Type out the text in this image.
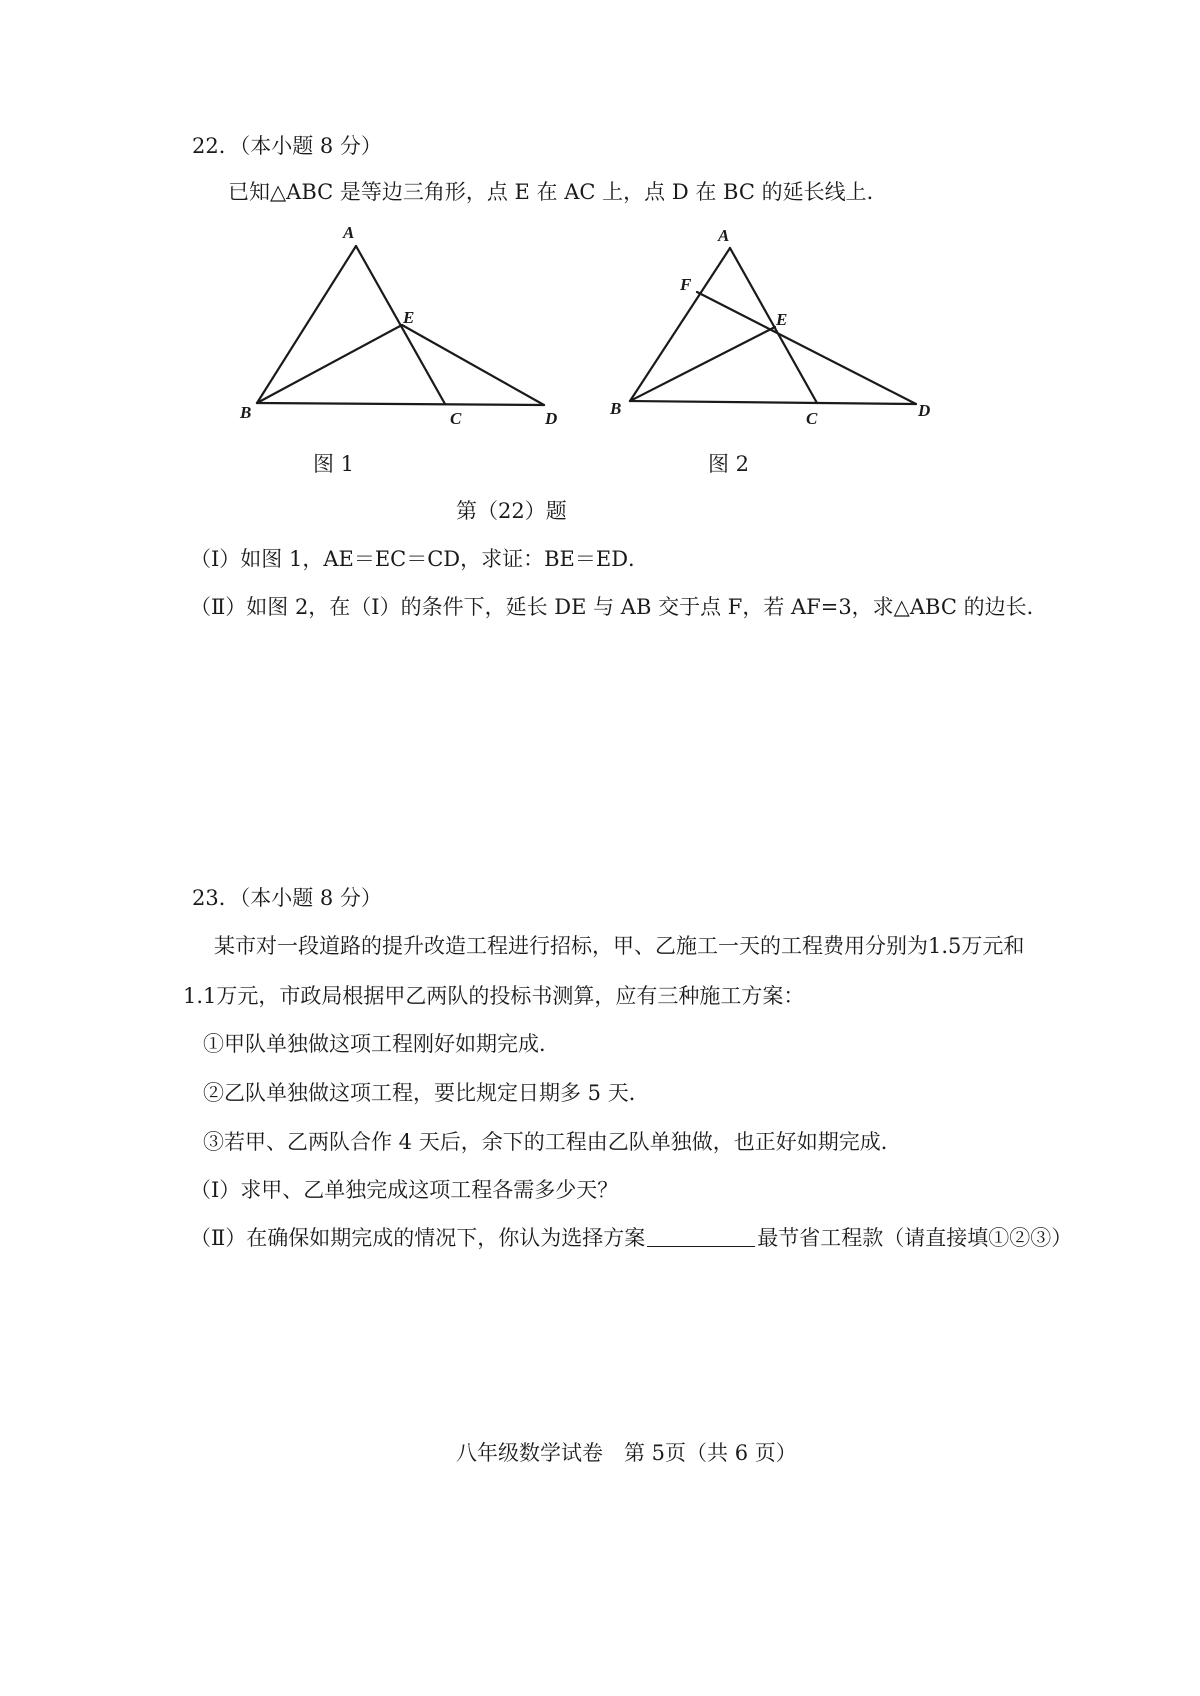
22．（本小题 8 分）
已知△ABC 是等边三角形，点 E 在 AC 上，点 D 在 BC 的延长线上．
A
B	C	D
E
A
F
B
C	D
E
图 1	图 2
第（22）题
（Ⅰ）如图 1，AE＝EC＝CD，求证：BE＝ED．
（Ⅱ）如图 2，在（Ⅰ）的条件下，延长 DE 与 AB 交于点 F，若 AF=3，求△ABC 的边长．
23．（本小题 8 分）
某市对一段道路的提升改造工程进行招标，甲、乙施工一天的工程费用分别为1.5万元和
1.1万元，市政局根据甲乙两队的投标书测算，应有三种施工方案：
①甲队单独做这项工程刚好如期完成．
②乙队单独做这项工程，要比规定日期多 5 天．
③若甲、乙两队合作 4 天后，余下的工程由乙队单独做，也正好如期完成．
（Ⅰ）求甲、乙单独完成这项工程各需多少天？
（Ⅱ）在确保如期完成的情况下，你认为选择方案	最节省工程款（请直接填①②③）
八年级数学试卷　第 5页（共 6 页）
